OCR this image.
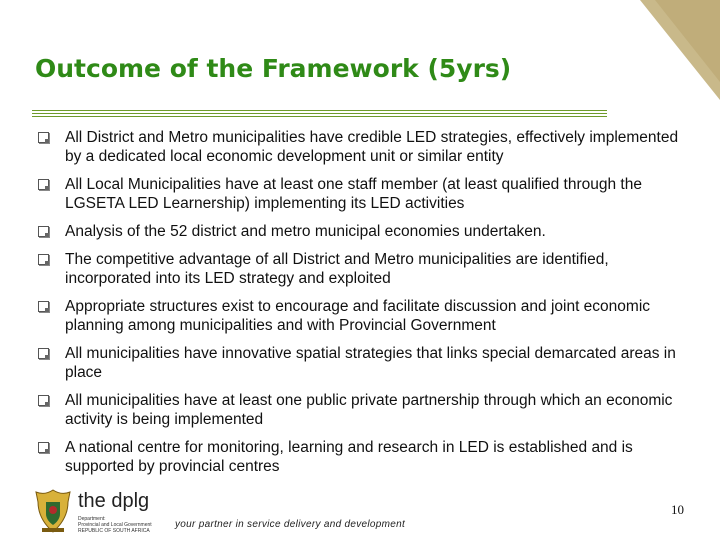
Outcome of the Framework (5yrs)
All District and Metro municipalities have credible LED strategies, effectively implemented by a dedicated local economic development unit or similar entity
All Local Municipalities have at least one staff member (at least qualified through the LGSETA LED Learnership) implementing its LED activities
Analysis of the 52 district and metro municipal economies undertaken.
The competitive advantage of all District and Metro municipalities are identified, incorporated into its LED strategy and exploited
Appropriate structures exist to encourage and facilitate discussion and joint economic planning among municipalities and with Provincial Government
All municipalities have innovative spatial strategies that links special demarcated areas in place
All municipalities have at least one public private partnership through which an economic activity is being implemented
A national centre for monitoring, learning and research in LED is established and is supported by provincial centres
the dplg
Department:
Provincial and Local Government
REPUBLIC OF SOUTH AFRICA
your partner in service delivery and development
10
